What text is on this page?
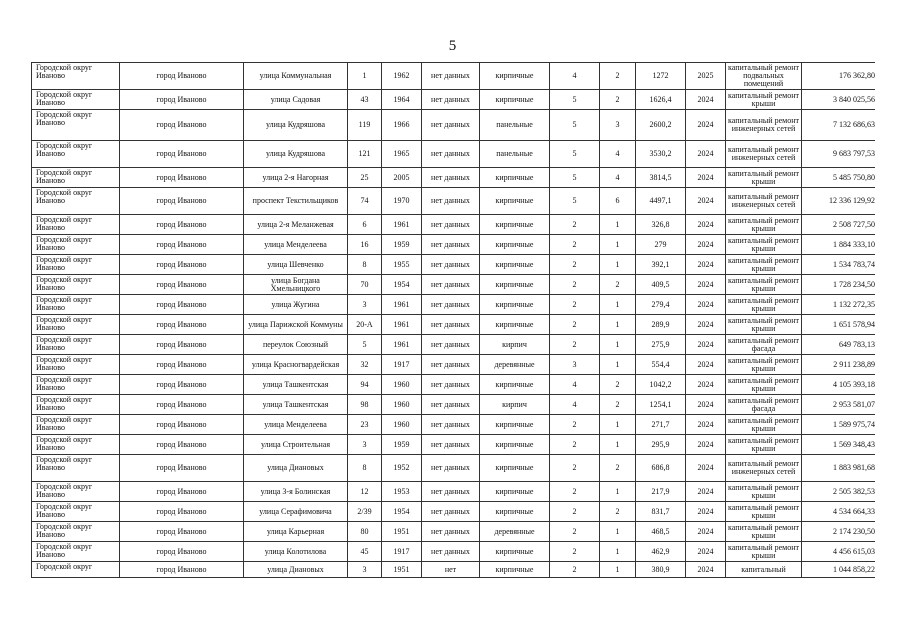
5
Городской округ Иваново	город Иваново	улица Коммунальная	1	1962	нет данных	кирпичные	4	2	1272	2025	капитальный ремонт подвальных помещений	176 362,80
Городской округ Иваново	город Иваново	улица Садовая	43	1964	нет данных	кирпичные	5	2	1626,4	2024	капитальный ремонт крыши	3 840 025,56
Городской округ Иваново	город Иваново	улица Кудряшова	119	1966	нет данных	панельные	5	3	2600,2	2024	капитальный ремонт инженерных сетей	7 132 686,63
Городской округ Иваново	город Иваново	улица Кудряшова	121	1965	нет данных	панельные	5	4	3530,2	2024	капитальный ремонт инженерных сетей	9 683 797,53
Городской округ Иваново	город Иваново	улица 2-я Нагорная	25	2005	нет данных	кирпичные	5	4	3814,5	2024	капитальный ремонт крыши	5 485 750,80
Городской округ Иваново	город Иваново	проспект Текстильщиков	74	1970	нет данных	кирпичные	5	6	4497,1	2024	капитальный ремонт инженерных сетей	12 336 129,92
Городской округ Иваново	город Иваново	улица 2-я Меланжевая	6	1961	нет данных	кирпичные	2	1	326,8	2024	капитальный ремонт крыши	2 508 727,50
Городской округ Иваново	город Иваново	улица Менделеева	16	1959	нет данных	кирпичные	2	1	279	2024	капитальный ремонт крыши	1 884 333,10
Городской округ Иваново	город Иваново	улица Шевченко	8	1955	нет данных	кирпичные	2	1	392,1	2024	капитальный ремонт крыши	1 534 783,74
Городской округ Иваново	город Иваново	улица Богдана Хмельницкого	70	1954	нет данных	кирпичные	2	2	409,5	2024	капитальный ремонт крыши	1 728 234,50
Городской округ Иваново	город Иваново	улица Жугина	3	1961	нет данных	кирпичные	2	1	279,4	2024	капитальный ремонт крыши	1 132 272,35
Городской округ Иваново	город Иваново	улица Парижской Коммуны	20-А	1961	нет данных	кирпичные	2	1	289,9	2024	капитальный ремонт крыши	1 651 578,94
Городской округ Иваново	город Иваново	переулок Союзный	5	1961	нет данных	кирпич	2	1	275,9	2024	капитальный ремонт фасада	649 783,13
Городской округ Иваново	город Иваново	улица Красногвардейская	32	1917	нет данных	деревянные	3	1	554,4	2024	капитальный ремонт крыши	2 911 238,89
Городской округ Иваново	город Иваново	улица Ташкентская	94	1960	нет данных	кирпичные	4	2	1042,2	2024	капитальный ремонт крыши	4 105 393,18
Городской округ Иваново	город Иваново	улица Ташкентская	98	1960	нет данных	кирпич	4	2	1254,1	2024	капитальный ремонт фасада	2 953 581,07
Городской округ Иваново	город Иваново	улица Менделеева	23	1960	нет данных	кирпичные	2	1	271,7	2024	капитальный ремонт крыши	1 589 975,74
Городской округ Иваново	город Иваново	улица Строительная	3	1959	нет данных	кирпичные	2	1	295,9	2024	капитальный ремонт крыши	1 569 348,43
Городской округ Иваново	город Иваново	улица Диановых	8	1952	нет данных	кирпичные	2	2	686,8	2024	капитальный ремонт инженерных сетей	1 883 981,68
Городской округ Иваново	город Иваново	улица 3-я Болинская	12	1953	нет данных	кирпичные	2	1	217,9	2024	капитальный ремонт крыши	2 505 382,53
Городской округ Иваново	город Иваново	улица Серафимовича	2/39	1954	нет данных	кирпичные	2	2	831,7	2024	капитальный ремонт крыши	4 534 664,33
Городской округ Иваново	город Иваново	улица Карьерная	80	1951	нет данных	деревянные	2	1	468,5	2024	капитальный ремонт крыши	2 174 230,50
Городской округ Иваново	город Иваново	улица Колотилова	45	1917	нет данных	кирпичные	2	1	462,9	2024	капитальный ремонт крыши	4 456 615,03
Городской округ	город Иваново	улица Диановых	3	1951	нет	кирпичные	2	1	380,9	2024	капитальный	1 044 858,22
